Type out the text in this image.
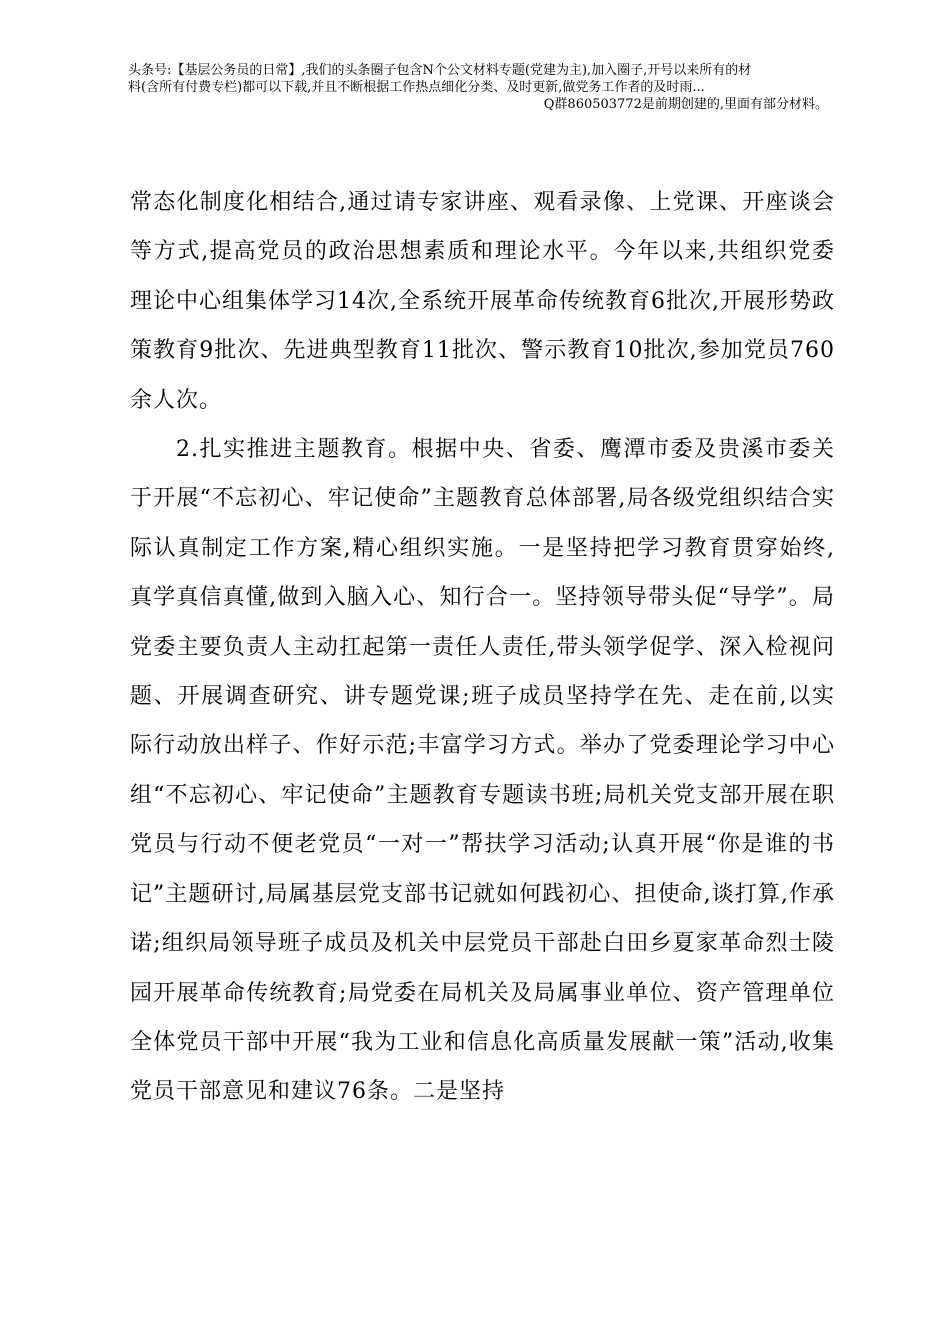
头条号:【基层公务员的日常】,我们的头条圈子包含N个公文材料专题(党建为主),加入圈子,开号以来所有的材
料(含所有付费专栏)都可以下载,并且不断根据工作热点细化分类、及时更新,做党务工作者的及时雨...
Q群860503772是前期创建的,里面有部分材料。

常态化制度化相结合,通过请专家讲座、观看录像、上党课、开座谈会等方式,提高党员的政治思想素质和理论水平。今年以来,共组织党委理论中心组集体学习14次,全系统开展革命传统教育6批次,开展形势政策教育9批次、先进典型教育11批次、警示教育10批次,参加党员760余人次。

2.扎实推进主题教育。根据中央、省委、鹰潭市委及贵溪市委关于开展“不忘初心、牢记使命”主题教育总体部署,局各级党组织结合实际认真制定工作方案,精心组织实施。一是坚持把学习教育贯穿始终,真学真信真懂,做到入脑入心、知行合一。坚持领导带头促“导学”。局党委主要负责人主动扛起第一责任人责任,带头领学促学、深入检视问题、开展调查研究、讲专题党课;班子成员坚持学在先、走在前,以实际行动放出样子、作好示范;丰富学习方式。举办了党委理论学习中心组“不忘初心、牢记使命”主题教育专题读书班;局机关党支部开展在职党员与行动不便老党员“一对一”帮扶学习活动;认真开展“你是谁的书记”主题研讨,局属基层党支部书记就如何践初心、担使命,谈打算,作承诺;组织局领导班子成员及机关中层党员干部赴白田乡夏家革命烈士陵园开展革命传统教育;局党委在局机关及局属事业单位、资产管理单位全体党员干部中开展“我为工业和信息化高质量发展献一策”活动,收集党员干部意见和建议76条。二是坚持
